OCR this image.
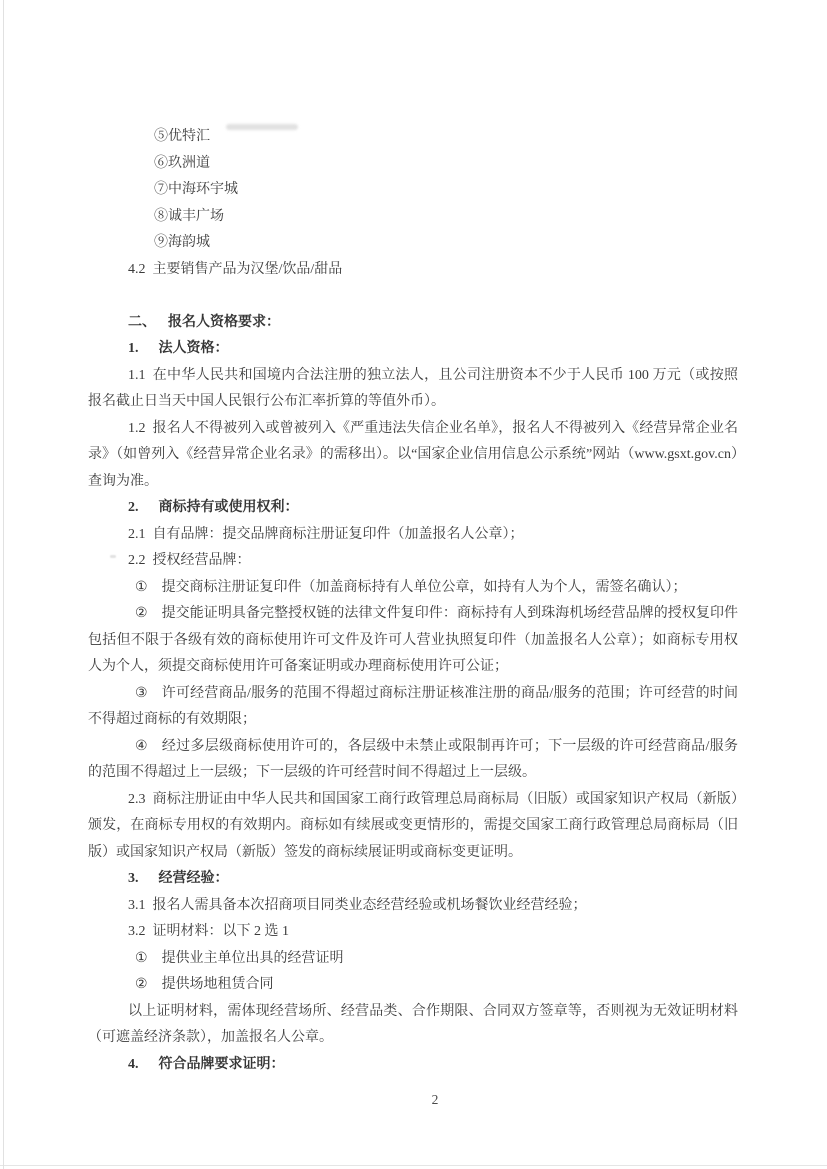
⑤优特汇

⑥玖洲道

⑦中海环宇城

⑧诚丰广场

⑨海韵城

4.2 主要销售产品为汉堡/饮品/甜品

二、 报名人资格要求：

1. 法人资格：

1.1 在中华人民共和国境内合法注册的独立法人，且公司注册资本不少于人民币 100 万元（或按照报名截止日当天中国人民银行公布汇率折算的等值外币）。

1.2 报名人不得被列入或曾被列入《严重违法失信企业名单》，报名人不得被列入《经营异常企业名录》（如曾列入《经营异常企业名录》的需移出）。以“国家企业信用信息公示系统”网站（www.gsxt.gov.cn）查询为准。

2. 商标持有或使用权利：

2.1 自有品牌：提交品牌商标注册证复印件（加盖报名人公章）；

2.2 授权经营品牌：

① 提交商标注册证复印件（加盖商标持有人单位公章，如持有人为个人，需签名确认）；

② 提交能证明具备完整授权链的法律文件复印件：商标持有人到珠海机场经营品牌的授权复印件包括但不限于各级有效的商标使用许可文件及许可人营业执照复印件（加盖报名人公章）；如商标专用权人为个人，须提交商标使用许可备案证明或办理商标使用许可公证；

③ 许可经营商品/服务的范围不得超过商标注册证核准注册的商品/服务的范围；许可经营的时间不得超过商标的有效期限；

④ 经过多层级商标使用许可的，各层级中未禁止或限制再许可；下一层级的许可经营商品/服务的范围不得超过上一层级；下一层级的许可经营时间不得超过上一层级。

2.3 商标注册证由中华人民共和国国家工商行政管理总局商标局（旧版）或国家知识产权局（新版）颁发，在商标专用权的有效期内。商标如有续展或变更情形的，需提交国家工商行政管理总局商标局（旧版）或国家知识产权局（新版）签发的商标续展证明或商标变更证明。

3. 经营经验：

3.1 报名人需具备本次招商项目同类业态经营经验或机场餐饮业经营经验；

3.2 证明材料：以下 2 选 1

① 提供业主单位出具的经营证明

② 提供场地租赁合同

以上证明材料，需体现经营场所、经营品类、合作期限、合同双方签章等，否则视为无效证明材料（可遮盖经济条款），加盖报名人公章。

4. 符合品牌要求证明：

2
